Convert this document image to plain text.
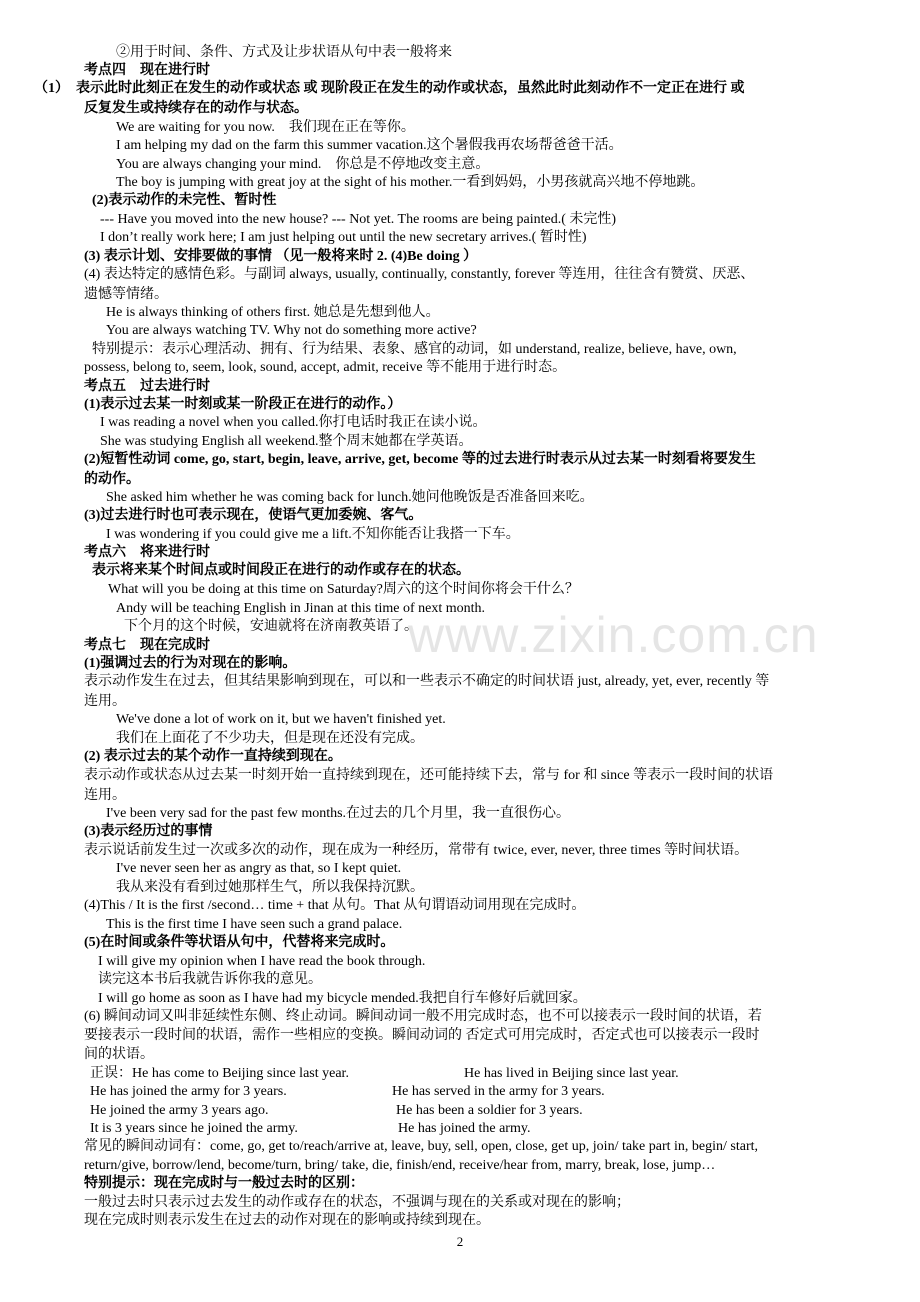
www.zixin.com.cn
②用于时间、条件、方式及让步状语从句中表一般将来
考点四　现在进行时
（1）　表示此时此刻正在发生的动作或状态 或 现阶段正在发生的动作或状态，虽然此时此刻动作不一定正在进行 或
反复发生或持续存在的动作与状态。
We are waiting for you now.　我们现在正在等你。
I am helping my dad on the farm this summer vacation.这个暑假我再农场帮爸爸干活。
You are always changing your mind.　你总是不停地改变主意。
The boy is jumping with great joy at the sight of his mother.一看到妈妈，小男孩就高兴地不停地跳。
(2)表示动作的未完性、暂时性
--- Have you moved into the new house? --- Not yet. The rooms are being painted.( 未完性)
I don’t really work here; I am just helping out until the new secretary arrives.( 暂时性)
(3) 表示计划、安排要做的事情 （见一般将来时 2. (4)Be doing ）
(4) 表达特定的感情色彩。与副词 always, usually, continually, constantly, forever 等连用，往往含有赞赏、厌恶、
遗憾等情绪。
He is always thinking of others first. 她总是先想到他人。
You are always watching TV. Why not do something more active?
特别提示：表示心理活动、拥有、行为结果、表象、感官的动词，如 understand, realize, believe, have, own,
possess, belong to, seem, look, sound, accept, admit, receive 等不能用于进行时态。
考点五　过去进行时
(1)表示过去某一时刻或某一阶段正在进行的动作。）
I was reading a novel when you called.你打电话时我正在读小说。
She was studying English all weekend.整个周末她都在学英语。
(2)短暂性动词 come, go, start, begin, leave, arrive, get, become 等的过去进行时表示从过去某一时刻看将要发生
的动作。
She asked him whether he was coming back for lunch.她问他晚饭是否准备回来吃。
(3)过去进行时也可表示现在，使语气更加委婉、客气。
I was wondering if you could give me a lift.不知你能否让我搭一下车。
考点六　将来进行时
表示将来某个时间点或时间段正在进行的动作或存在的状态。
What will you be doing at this time on Saturday?周六的这个时间你将会干什么？
Andy will be teaching English in Jinan at this time of next month.
下个月的这个时候，安迪就将在济南教英语了。
考点七　现在完成时
(1)强调过去的行为对现在的影响。
表示动作发生在过去，但其结果影响到现在，可以和一些表示不确定的时间状语 just, already, yet, ever, recently 等
连用。
We've done a lot of work on it, but we haven't finished yet.
我们在上面花了不少功夫，但是现在还没有完成。
(2) 表示过去的某个动作一直持续到现在。
表示动作或状态从过去某一时刻开始一直持续到现在，还可能持续下去，常与 for 和 since 等表示一段时间的状语
连用。
I've been very sad for the past few months.在过去的几个月里，我一直很伤心。
(3)表示经历过的事情
表示说话前发生过一次或多次的动作，现在成为一种经历，常带有 twice, ever, never, three times 等时间状语。
I've never seen her as angry as that, so I kept quiet.
我从来没有看到过她那样生气，所以我保持沉默。
(4)This / It is the first /second… time + that 从句。That 从句谓语动词用现在完成时。
This is the first time I have seen such a grand palace.
(5)在时间或条件等状语从句中，代替将来完成时。
I will give my opinion when I have read the book through.
读完这本书后我就告诉你我的意见。
I will go home as soon as I have had my bicycle mended.我把自行车修好后就回家。
(6) 瞬间动词又叫非延续性东侧、终止动词。瞬间动词一般不用完成时态，也不可以接表示一段时间的状语，若
要接表示一段时间的状语，需作一些相应的变换。瞬间动词的 否定式可用完成时，否定式也可以接表示一段时
间的状语。
正误：He has come to Beijing since last year.	He has lived in Beijing since last year.
He has joined the army for 3 years.	He has served in the army for 3 years.
He joined the army 3 years ago.	He has been a soldier for 3 years.
It is 3 years since he joined the army.	He has joined the army.
常见的瞬间动词有：come, go, get to/reach/arrive at, leave, buy, sell, open, close, get up, join/ take part in, begin/ start,
return/give, borrow/lend, become/turn, bring/ take, die, finish/end, receive/hear from, marry, break, lose, jump…
特别提示：现在完成时与一般过去时的区别：
一般过去时只表示过去发生的动作或存在的状态，不强调与现在的关系或对现在的影响；
现在完成时则表示发生在过去的动作对现在的影响或持续到现在。
2
